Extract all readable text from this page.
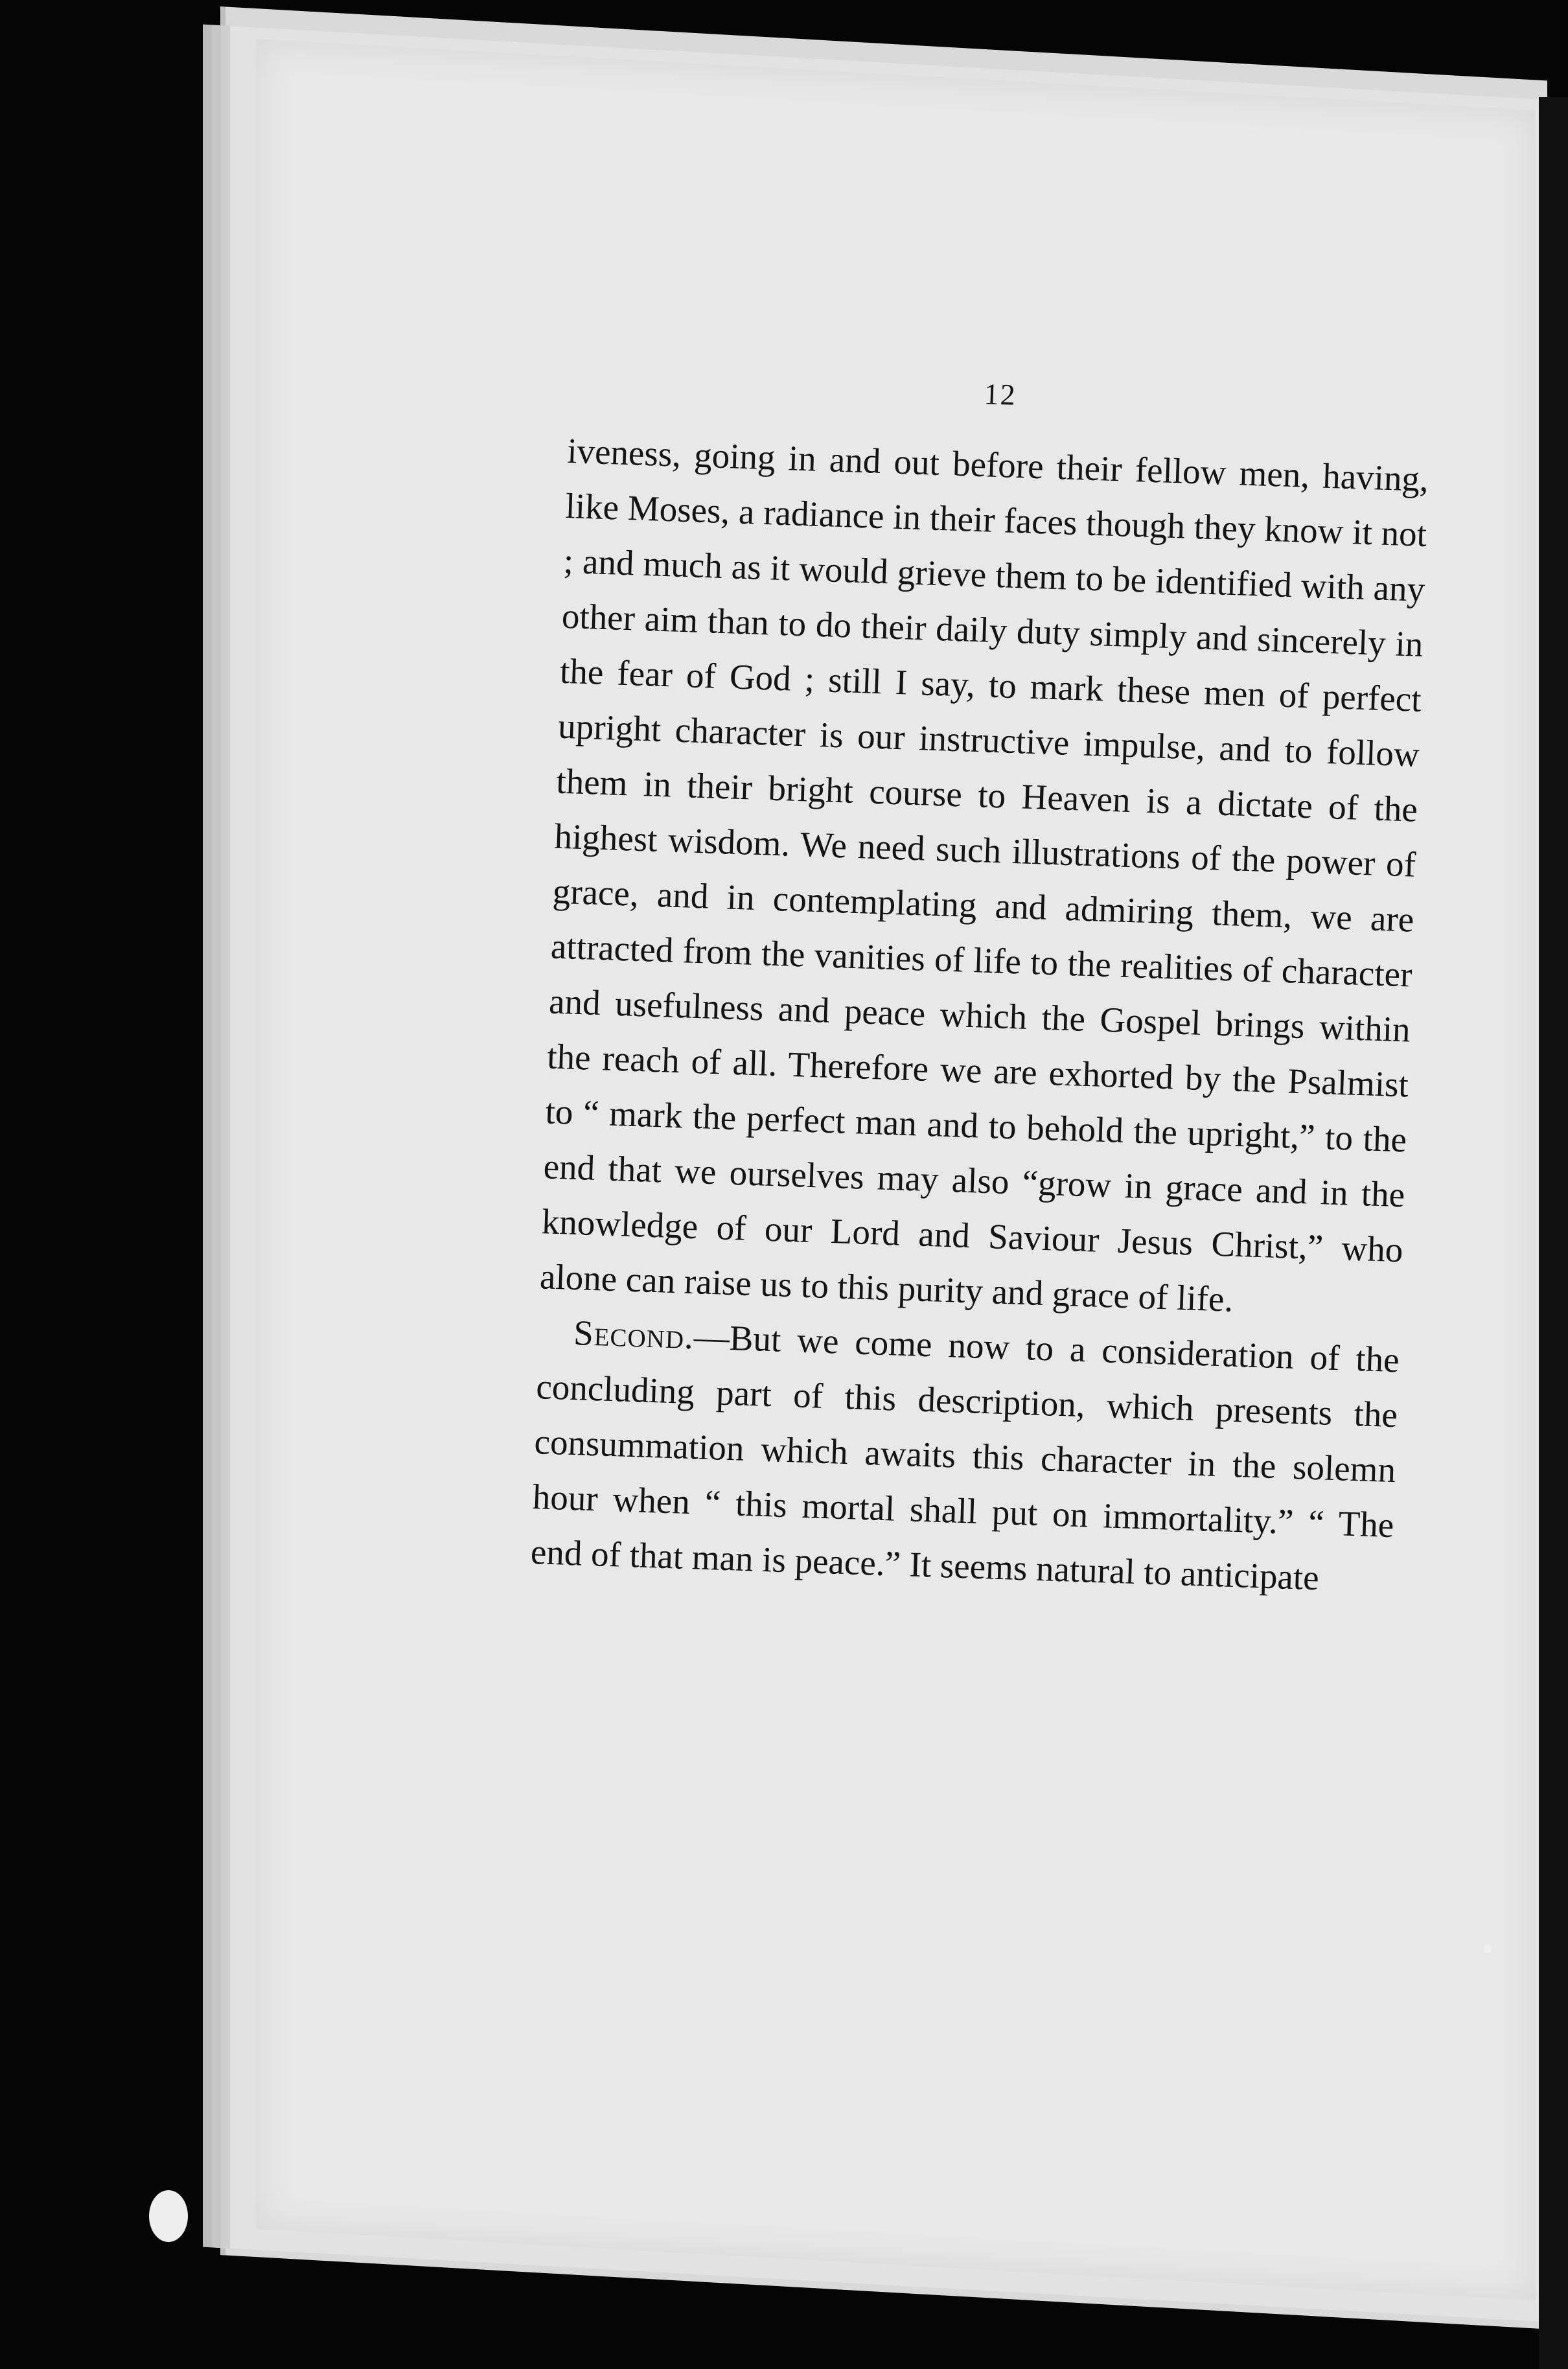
12

iveness, going in and out before their fellow men, having, like Moses, a radiance in their faces though they know it not ; and much as it would grieve them to be identified with any other aim than to do their daily duty simply and sincerely in the fear of God ; still I say, to mark these men of perfect upright character is our instructive impulse, and to follow them in their bright course to Heaven is a dictate of the highest wisdom. We need such illustrations of the power of grace, and in contemplating and admiring them, we are attracted from the vanities of life to the realities of character and usefulness and peace which the Gospel brings within the reach of all. Therefore we are exhorted by the Psalmist to “ mark the perfect man and to behold the upright,” to the end that we ourselves may also “grow in grace and in the knowledge of our Lord and Saviour Jesus Christ,” who alone can raise us to this purity and grace of life.

Second.—But we come now to a consideration of the concluding part of this description, which presents the consummation which awaits this character in the solemn hour when “ this mortal shall put on immortality.” “ The end of that man is peace.” It seems natural to anticipate
